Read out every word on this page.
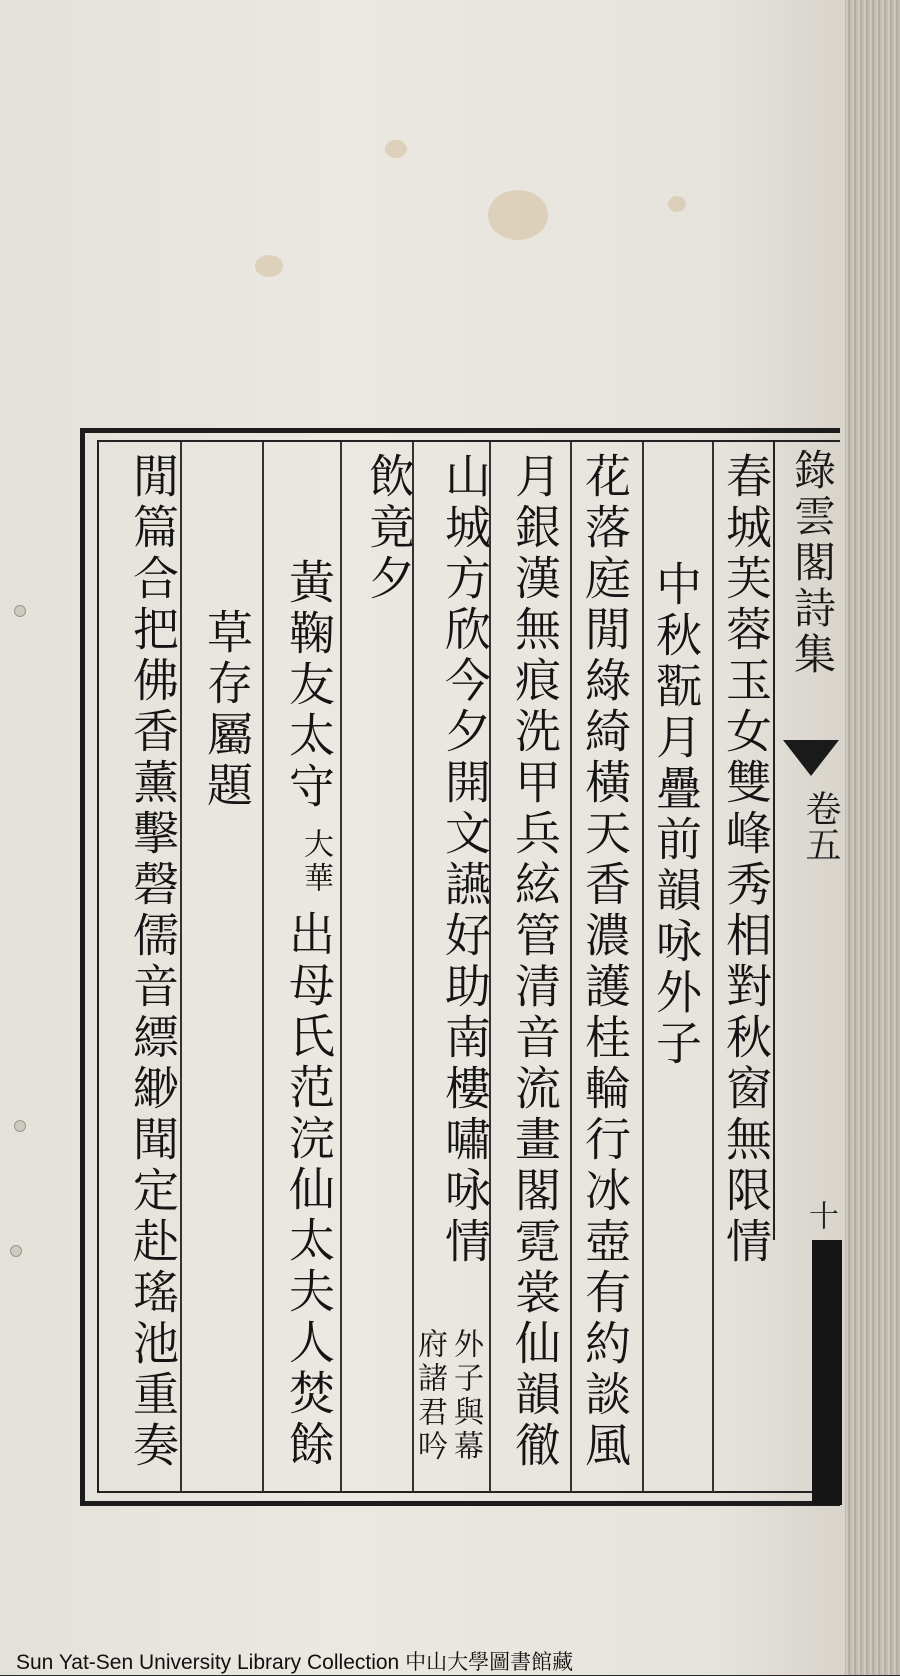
錄雲閣詩集
卷五
十
春城芙蓉玉女雙峰秀相對秋窗無限情
中秋翫月疊前韻咏外子
花落庭閒綠綺橫天香濃護桂輪行冰壺有約談風
月銀漢無痕洗甲兵絃管清音流畫閣霓裳仙韻徹
山城方欣今夕開文讌好助南樓嘯咏情
外子與幕
府諸君吟
飲竟夕
黃鞠友太守
大華
出母氏范浣仙太夫人焚餘
草存屬題
閒篇合把佛香薰擊磬儒音縹緲聞定赴瑤池重奏
Sun Yat-Sen University Library Collection 中山大學圖書館藏
